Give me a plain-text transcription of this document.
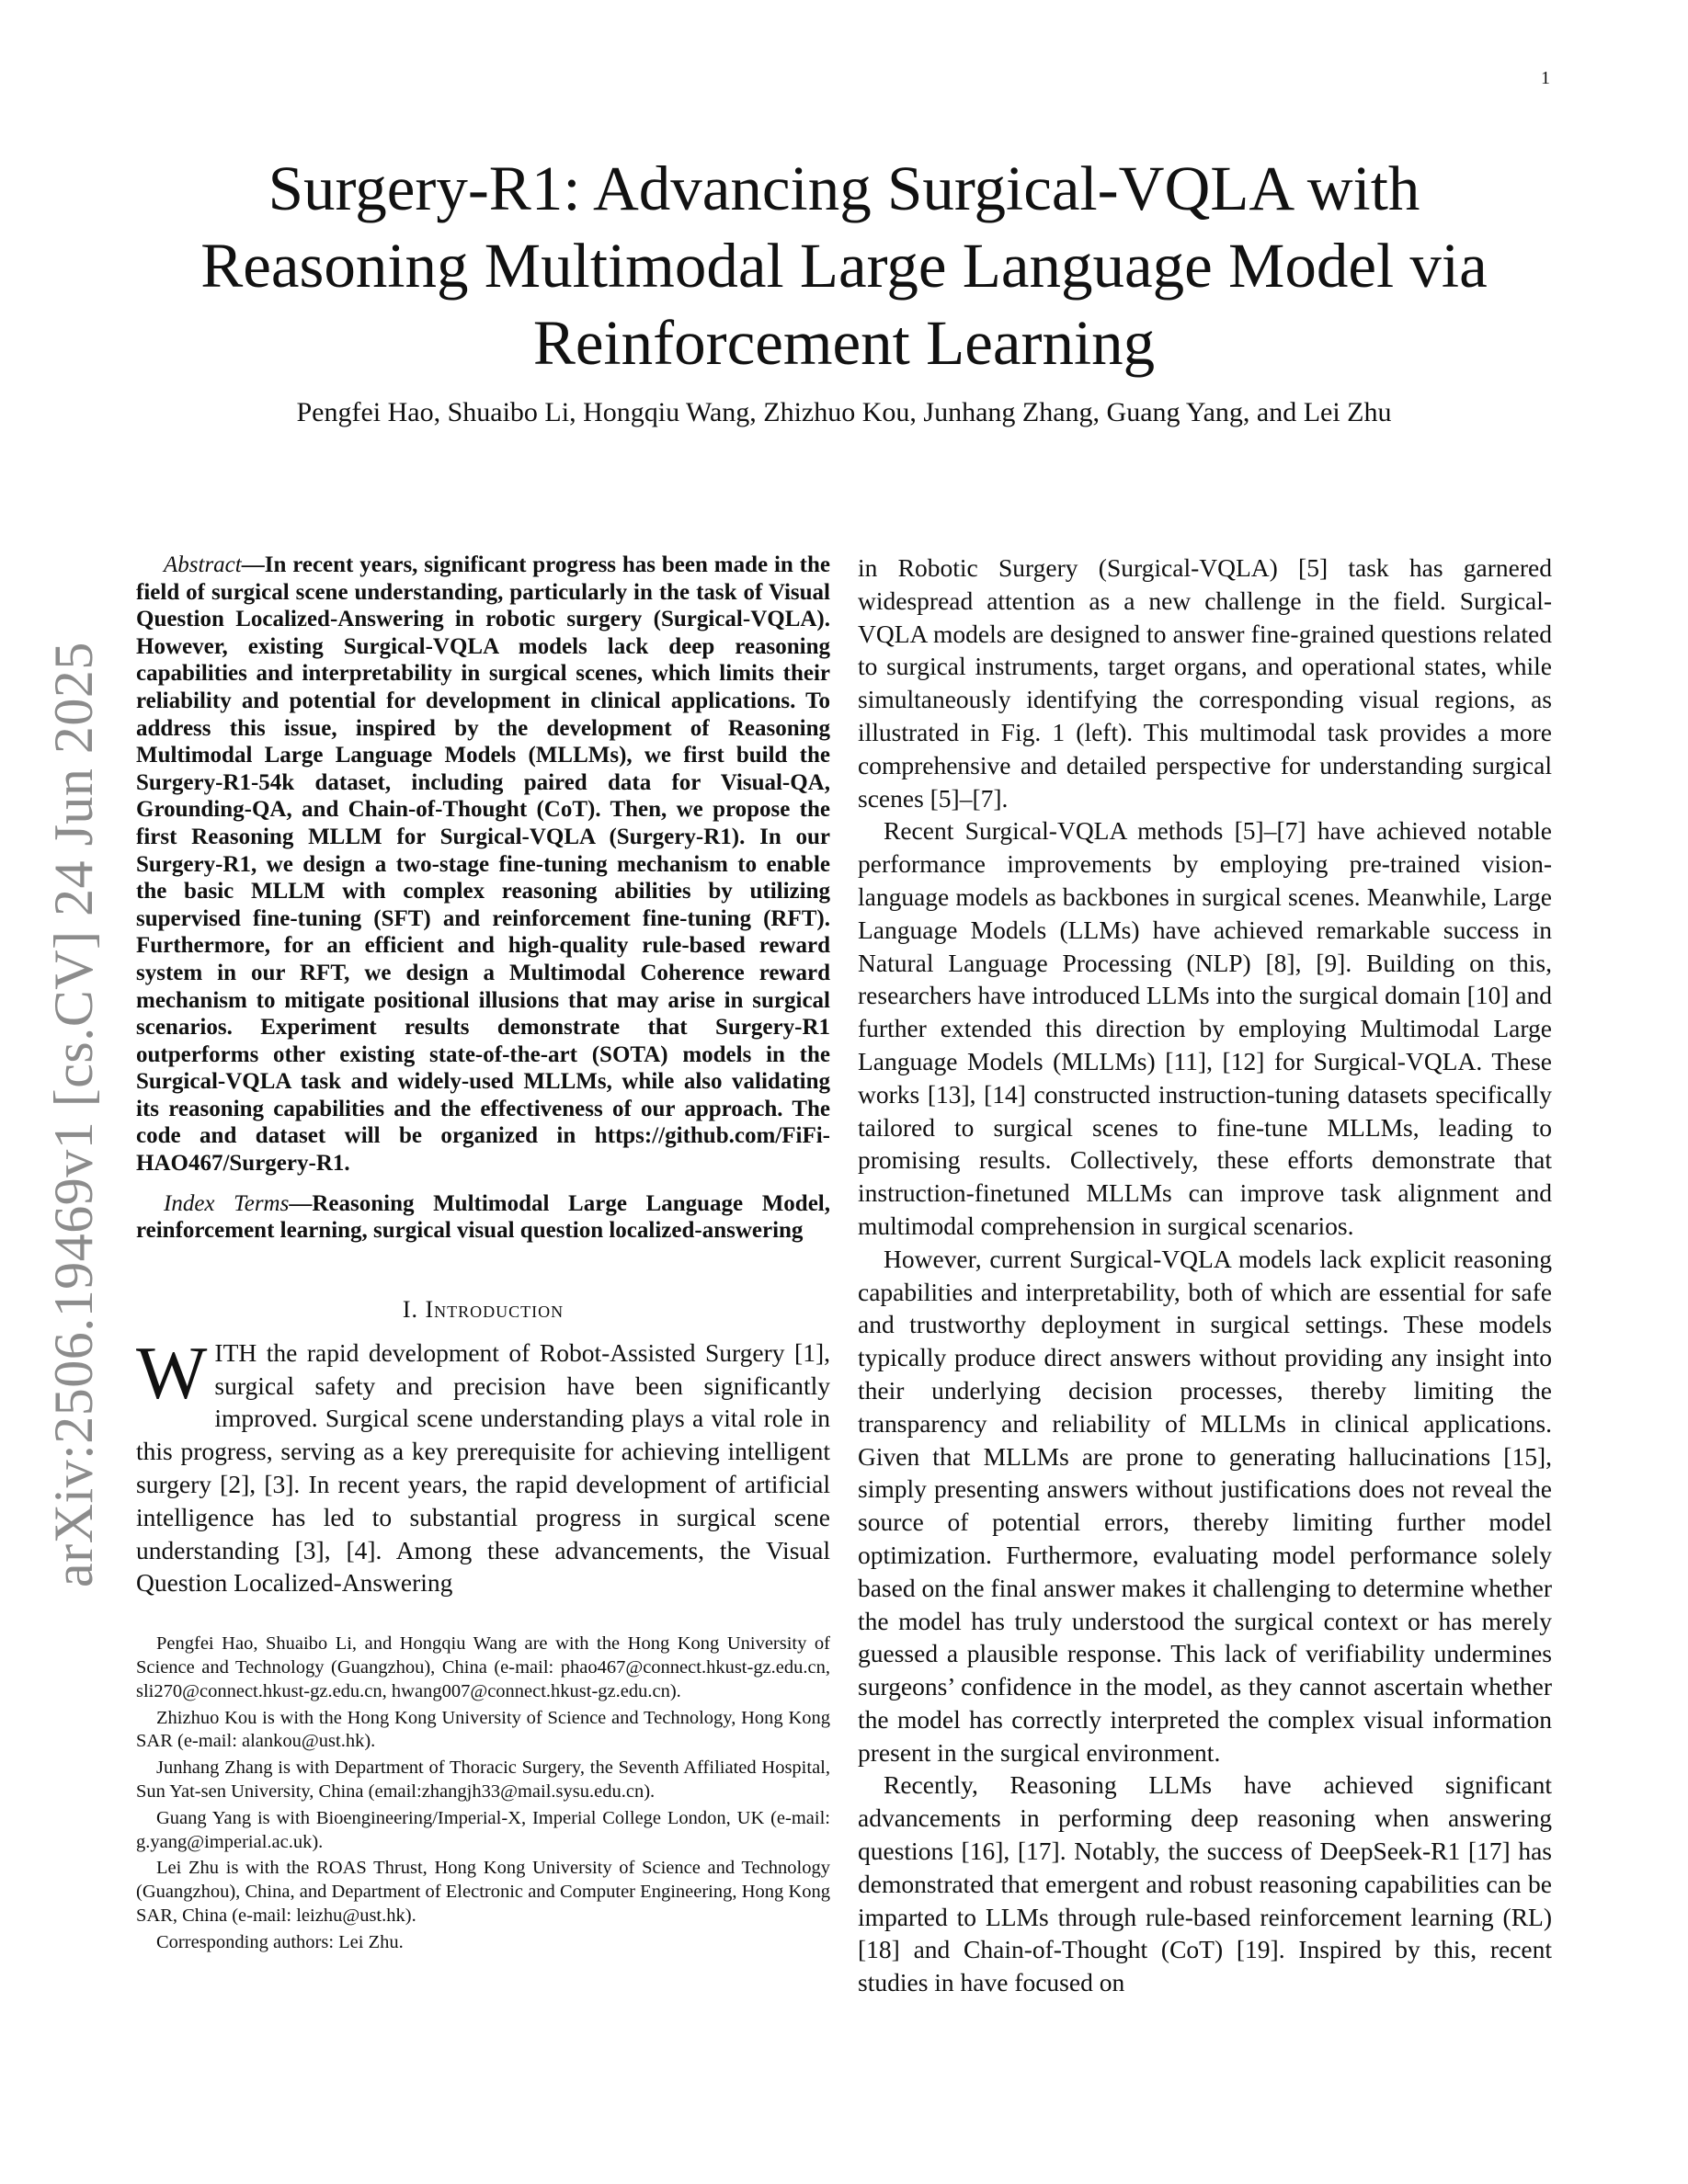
1
arXiv:2506.19469v1 [cs.CV] 24 Jun 2025
Surgery-R1: Advancing Surgical-VQLA with Reasoning Multimodal Large Language Model via Reinforcement Learning
Pengfei Hao, Shuaibo Li, Hongqiu Wang, Zhizhuo Kou, Junhang Zhang, Guang Yang, and Lei Zhu

Abstract—In recent years, significant progress has been made in the field of surgical scene understanding, particularly in the task of Visual Question Localized-Answering in robotic surgery (Surgical-VQLA). However, existing Surgical-VQLA models lack deep reasoning capabilities and interpretability in surgical scenes, which limits their reliability and potential for development in clinical applications. To address this issue, inspired by the development of Reasoning Multimodal Large Language Models (MLLMs), we first build the Surgery-R1-54k dataset, including paired data for Visual-QA, Grounding-QA, and Chain-of-Thought (CoT). Then, we propose the first Reasoning MLLM for Surgical-VQLA (Surgery-R1). In our Surgery-R1, we design a two-stage fine-tuning mechanism to enable the basic MLLM with complex reasoning abilities by utilizing supervised fine-tuning (SFT) and reinforcement fine-tuning (RFT). Furthermore, for an efficient and high-quality rule-based reward system in our RFT, we design a Multimodal Coherence reward mechanism to mitigate positional illusions that may arise in surgical scenarios. Experiment results demonstrate that Surgery-R1 outperforms other existing state-of-the-art (SOTA) models in the Surgical-VQLA task and widely-used MLLMs, while also validating its reasoning capabilities and the effectiveness of our approach. The code and dataset will be organized in https://github.com/FiFi-HAO467/Surgery-R1.

Index Terms—Reasoning Multimodal Large Language Model, reinforcement learning, surgical visual question localized-answering

I. Introduction

WITH the rapid development of Robot-Assisted Surgery [1], surgical safety and precision have been significantly improved. Surgical scene understanding plays a vital role in this progress, serving as a key prerequisite for achieving intelligent surgery [2], [3]. In recent years, the rapid development of artificial intelligence has led to substantial progress in surgical scene understanding [3], [4]. Among these advancements, the Visual Question Localized-Answering

Pengfei Hao, Shuaibo Li, and Hongqiu Wang are with the Hong Kong University of Science and Technology (Guangzhou), China (e-mail: phao467@connect.hkust-gz.edu.cn, sli270@connect.hkust-gz.edu.cn, hwang007@connect.hkust-gz.edu.cn).

Zhizhuo Kou is with the Hong Kong University of Science and Technology, Hong Kong SAR (e-mail: alankou@ust.hk).

Junhang Zhang is with Department of Thoracic Surgery, the Seventh Affiliated Hospital, Sun Yat-sen University, China (email:zhangjh33@mail.sysu.edu.cn).

Guang Yang is with Bioengineering/Imperial-X, Imperial College London, UK (e-mail: g.yang@imperial.ac.uk).

Lei Zhu is with the ROAS Thrust, Hong Kong University of Science and Technology (Guangzhou), China, and Department of Electronic and Computer Engineering, Hong Kong SAR, China (e-mail: leizhu@ust.hk).

Corresponding authors: Lei Zhu.

in Robotic Surgery (Surgical-VQLA) [5] task has garnered widespread attention as a new challenge in the field. Surgical-VQLA models are designed to answer fine-grained questions related to surgical instruments, target organs, and operational states, while simultaneously identifying the corresponding visual regions, as illustrated in Fig. 1 (left). This multimodal task provides a more comprehensive and detailed perspective for understanding surgical scenes [5]–[7].

Recent Surgical-VQLA methods [5]–[7] have achieved notable performance improvements by employing pre-trained vision-language models as backbones in surgical scenes. Meanwhile, Large Language Models (LLMs) have achieved remarkable success in Natural Language Processing (NLP) [8], [9]. Building on this, researchers have introduced LLMs into the surgical domain [10] and further extended this direction by employing Multimodal Large Language Models (MLLMs) [11], [12] for Surgical-VQLA. These works [13], [14] constructed instruction-tuning datasets specifically tailored to surgical scenes to fine-tune MLLMs, leading to promising results. Collectively, these efforts demonstrate that instruction-finetuned MLLMs can improve task alignment and multimodal comprehension in surgical scenarios.

However, current Surgical-VQLA models lack explicit reasoning capabilities and interpretability, both of which are essential for safe and trustworthy deployment in surgical settings. These models typically produce direct answers without providing any insight into their underlying decision processes, thereby limiting the transparency and reliability of MLLMs in clinical applications. Given that MLLMs are prone to generating hallucinations [15], simply presenting answers without justifications does not reveal the source of potential errors, thereby limiting further model optimization. Furthermore, evaluating model performance solely based on the final answer makes it challenging to determine whether the model has truly understood the surgical context or has merely guessed a plausible response. This lack of verifiability undermines surgeons’ confidence in the model, as they cannot ascertain whether the model has correctly interpreted the complex visual information present in the surgical environment.

Recently, Reasoning LLMs have achieved significant advancements in performing deep reasoning when answering questions [16], [17]. Notably, the success of DeepSeek-R1 [17] has demonstrated that emergent and robust reasoning capabilities can be imparted to LLMs through rule-based reinforcement learning (RL) [18] and Chain-of-Thought (CoT) [19]. Inspired by this, recent studies in have focused on
